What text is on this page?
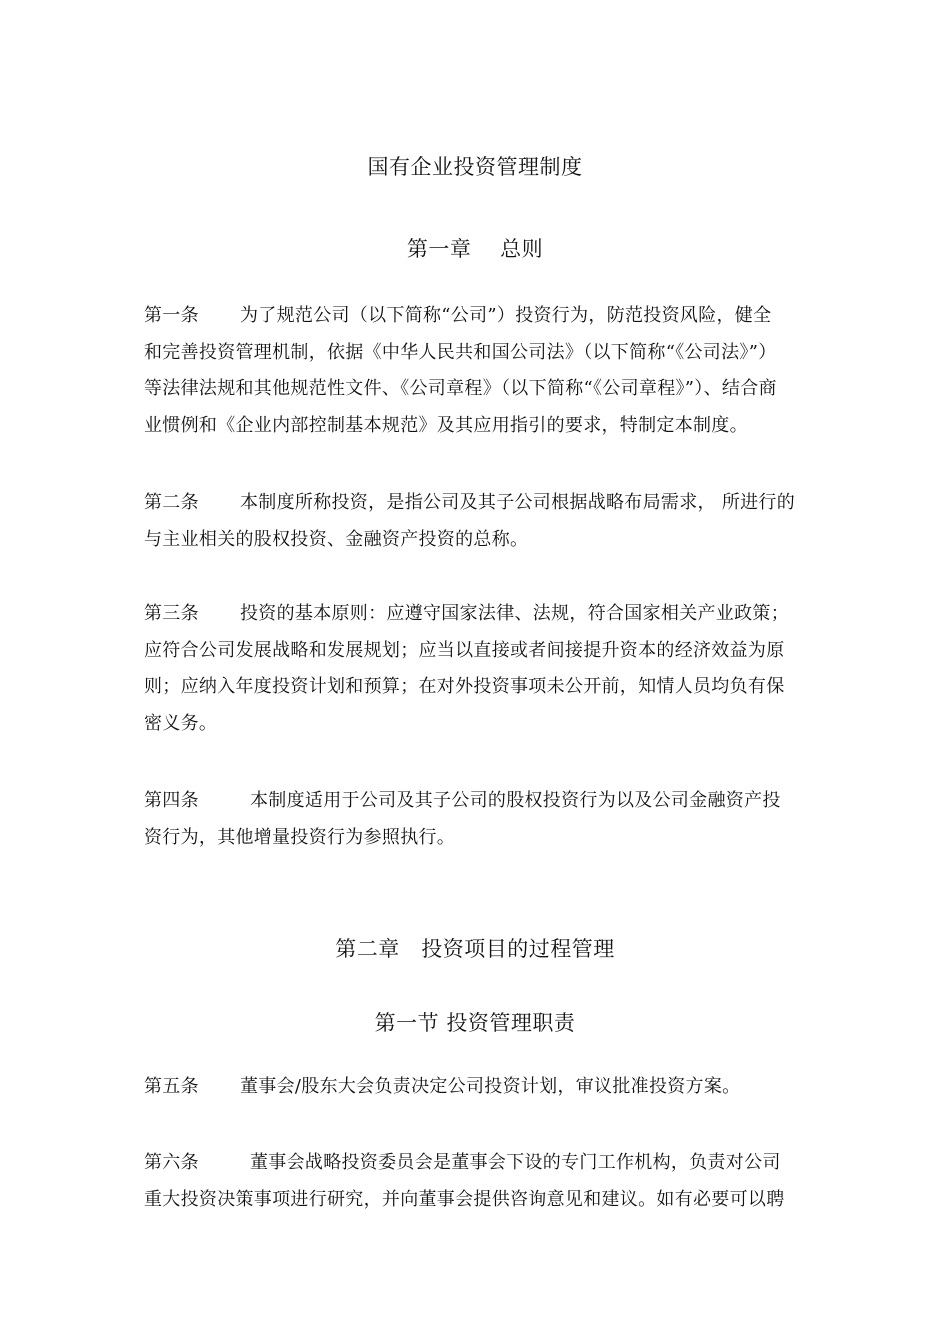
国有企业投资管理制度
第一章　 总则
第一条 为了规范公司（以下简称“公司”）投资行为，防范投资风险，健全
和完善投资管理机制，依据《中华人民共和国公司法》（以下简称“《公司法》”）
等法律法规和其他规范性文件、《公司章程》（以下简称“《公司章程》”）、结合商
业惯例和《企业内部控制基本规范》及其应用指引的要求，特制定本制度。
第二条 本制度所称投资，是指公司及其子公司根据战略布局需求， 所进行的
与主业相关的股权投资、金融资产投资的总称。
第三条 投资的基本原则：应遵守国家法律、法规，符合国家相关产业政策；
应符合公司发展战略和发展规划；应当以直接或者间接提升资本的经济效益为原
则；应纳入年度投资计划和预算；在对外投资事项未公开前，知情人员均负有保
密义务。
第四条	本制度适用于公司及其子公司的股权投资行为以及公司金融资产投
资行为，其他增量投资行为参照执行。
第二章　投资项目的过程管理
第一节 投资管理职责
第五条 董事会/股东大会负责决定公司投资计划，审议批准投资方案。
第六条	董事会战略投资委员会是董事会下设的专门工作机构，负责对公司
重大投资决策事项进行研究，并向董事会提供咨询意见和建议。如有必要可以聘
